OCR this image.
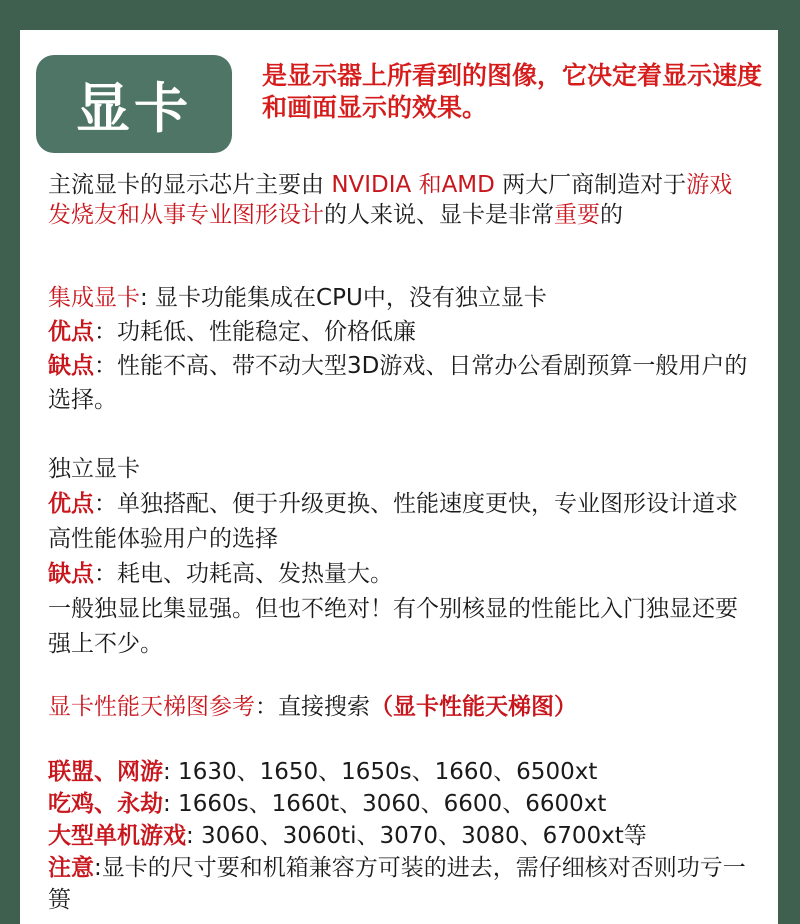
显卡
是显示器上所看到的图像，它决定着显示速度和画面显示的效果。
主流显卡的显示芯片主要由 NVIDIA 和AMD 两大厂商制造对于游戏发烧友和从事专业图形设计的人来说、显卡是非常重要的
集成显卡: 显卡功能集成在CPU中，没有独立显卡
优点：功耗低、性能稳定、价格低廉
缺点：性能不高、带不动大型3D游戏、日常办公看剧预算一般用户的选择。
独立显卡
优点：单独搭配、便于升级更换、性能速度更快，专业图形设计道求高性能体验用户的选择
缺点：耗电、功耗高、发热量大。
一般独显比集显强。但也不绝对！有个别核显的性能比入门独显还要强上不少。
显卡性能天梯图参考：直接搜索（显卡性能天梯图）
联盟、网游: 1630、1650、1650s、1660、6500xt
吃鸡、永劫: 1660s、1660t、3060、6600、6600xt
大型单机游戏: 3060、3060ti、3070、3080、6700xt等
注意:显卡的尺寸要和机箱兼容方可装的进去，需仔细核对否则功亏一篑
